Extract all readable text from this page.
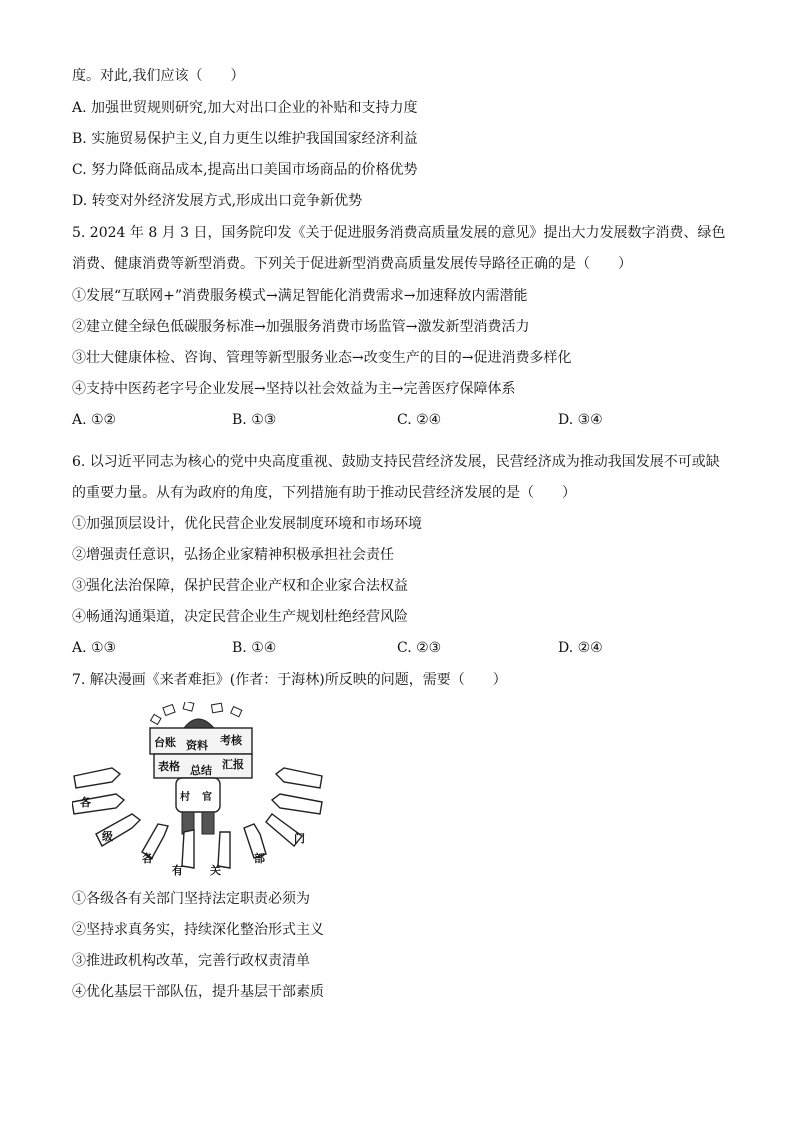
度。对此,我们应该（　　）
A. 加强世贸规则研究,加大对出口企业的补贴和支持力度
B. 实施贸易保护主义,自力更生以维护我国国家经济利益
C. 努力降低商品成本,提高出口美国市场商品的价格优势
D. 转变对外经济发展方式,形成出口竞争新优势
5. 2024 年 8 月 3 日，国务院印发《关于促进服务消费高质量发展的意见》提出大力发展数字消费、绿色
消费、健康消费等新型消费。下列关于促进新型消费高质量发展传导路径正确的是（　　）
①发展“互联网+”消费服务模式→满足智能化消费需求→加速释放内需潜能
②建立健全绿色低碳服务标准→加强服务消费市场监管→激发新型消费活力
③壮大健康体检、咨询、管理等新型服务业态→改变生产的目的→促进消费多样化
④支持中医药老字号企业发展→坚持以社会效益为主→完善医疗保障体系
A. ①②	B. ①③	C. ②④	D. ③④
6. 以习近平同志为核心的党中央高度重视、鼓励支持民营经济发展，民营经济成为推动我国发展不可或缺
的重要力量。从有为政府的角度，下列措施有助于推动民营经济发展的是（　　）
①加强顶层设计，优化民营企业发展制度环境和市场环境
②增强责任意识，弘扬企业家精神积极承担社会责任
③强化法治保障，保护民营企业产权和企业家合法权益
④畅通沟通渠道，决定民营企业生产规划杜绝经营风险
A. ①③	B. ①④	C. ②③	D. ②④
7. 解决漫画《来者难拒》(作者：于海林)所反映的问题，需要（　　）
台账 资料 考核
表格 总结 汇报
村 官
各
级
各
有 关
部
门
①各级各有关部门坚持法定职责必须为
②坚持求真务实，持续深化整治形式主义
③推进政机构改革，完善行政权责清单
④优化基层干部队伍，提升基层干部素质
